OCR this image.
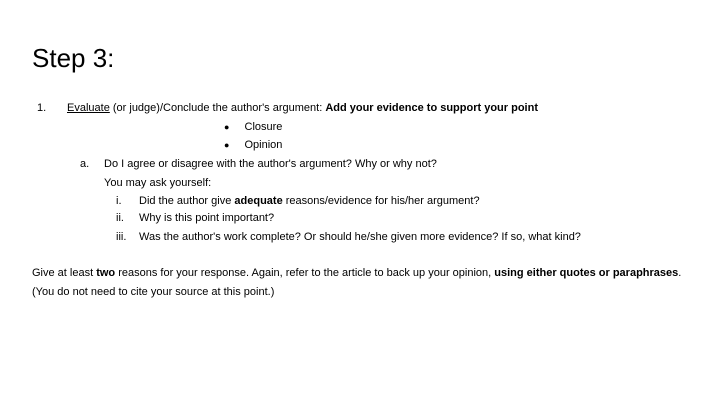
Step 3:
1. Evaluate (or judge)/Conclude the author's argument: Add your evidence to support your point
● Closure
● Opinion
a. Do I agree or disagree with the author's argument? Why or why not?
You may ask yourself:
i. Did the author give adequate reasons/evidence for his/her argument?
ii. Why is this point important?
iii. Was the author's work complete? Or should he/she given more evidence? If so, what kind?
Give at least two reasons for your response. Again, refer to the article to back up your opinion, using either quotes or paraphrases.
(You do not need to cite your source at this point.)
